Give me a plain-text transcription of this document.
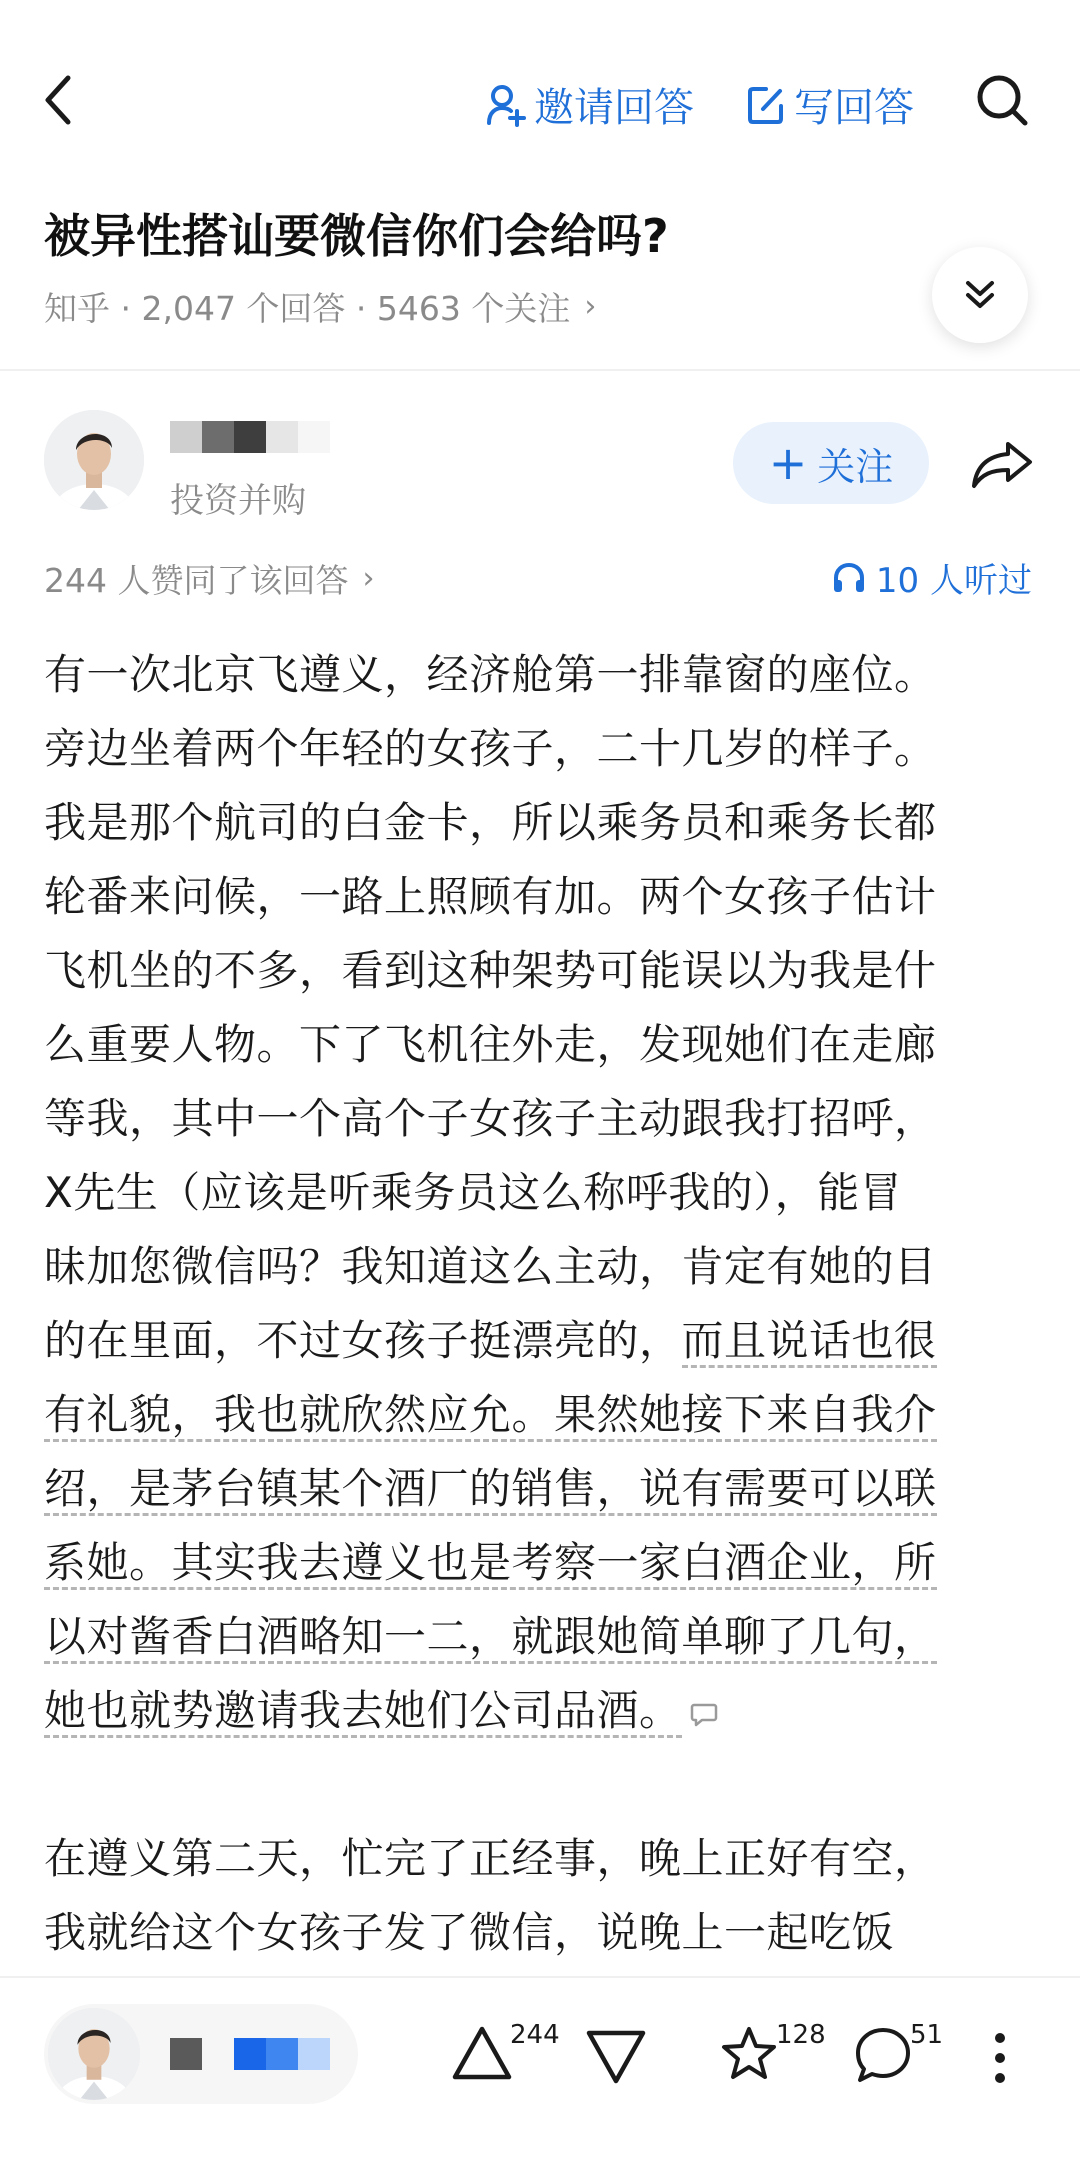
邀请回答	写回答
被异性搭讪要微信你们会给吗?
知乎 · 2,047 个回答 · 5463 个关注 ›
投资并购
+ 关注
244 人赞同了该回答 ›	10 人听过
有一次北京飞遵义，经济舱第一排靠窗的座位。
旁边坐着两个年轻的女孩子，二十几岁的样子。
我是那个航司的白金卡，所以乘务员和乘务长都
轮番来问候，一路上照顾有加。两个女孩子估计
飞机坐的不多，看到这种架势可能误以为我是什
么重要人物。下了飞机往外走，发现她们在走廊
等我，其中一个高个子女孩子主动跟我打招呼，
X先生（应该是听乘务员这么称呼我的），能冒
昧加您微信吗？我知道这么主动，肯定有她的目
的在里面，不过女孩子挺漂亮的，而且说话也很
有礼貌，我也就欣然应允。果然她接下来自我介
绍，是茅台镇某个酒厂的销售，说有需要可以联
系她。其实我去遵义也是考察一家白酒企业，所
以对酱香白酒略知一二，就跟她简单聊了几句，
她也就势邀请我去她们公司品酒。
在遵义第二天，忙完了正经事，晚上正好有空，
我就给这个女孩子发了微信，说晚上一起吃饭
244	128	51
